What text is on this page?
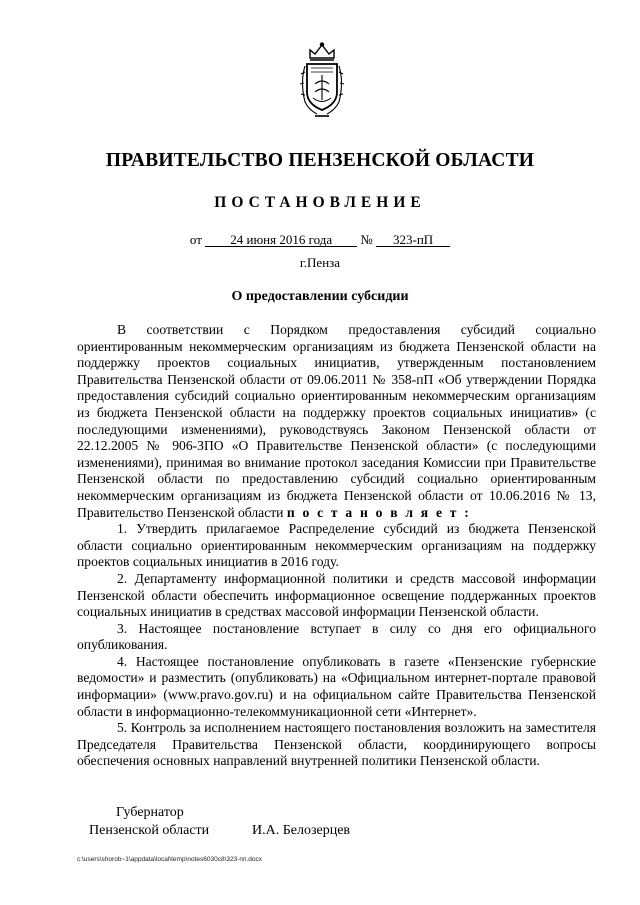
ПРАВИТЕЛЬСТВО ПЕНЗЕНСКОЙ ОБЛАСТИ
ПОСТАНОВЛЕНИЕ
от 24 июня 2016 года № 323-пП
г.Пенза
О предоставлении субсидии

В соответствии с Порядком предоставления субсидий социально ориентированным некоммерческим организациям из бюджета Пензенской области на поддержку проектов социальных инициатив, утвержденным постановлением Правительства Пензенской области от 09.06.2011 № 358-пП «Об утверждении Порядка предоставления субсидий социально ориентированным некоммерческим организациям из бюджета Пензенской области на поддержку проектов социальных инициатив» (с последующими изменениями), руководствуясь Законом Пензенской области от 22.12.2005 № 906-ЗПО «О Правительстве Пензенской области» (с последующими изменениями), принимая во внимание протокол заседания Комиссии при Правительстве Пензенской области по предоставлению субсидий социально ориентированным некоммерческим организациям из бюджета Пензенской области от 10.06.2016 № 13, Правительство Пензенской области п о с т а н о в л я е т :

1. Утвердить прилагаемое Распределение субсидий из бюджета Пензенской области социально ориентированным некоммерческим организациям на поддержку проектов социальных инициатив в 2016 году.

2. Департаменту информационной политики и средств массовой информации Пензенской области обеспечить информационное освещение поддержанных проектов социальных инициатив в средствах массовой информации Пензенской области.

3. Настоящее постановление вступает в силу со дня его официального опубликования.

4. Настоящее постановление опубликовать в газете «Пензенские губернские ведомости» и разместить (опубликовать) на «Официальном интернет-портале правовой информации» (www.pravo.gov.ru) и на официальном сайте Правительства Пензенской области в информационно-телекоммуникационной сети «Интернет».

5. Контроль за исполнением настоящего постановления возложить на заместителя Председателя Правительства Пензенской области, координирующего вопросы обеспечения основных направлений внутренней политики Пензенской области.

Губернатор
Пензенской области	И.А. Белозерцев
c:\users\shorob~1\appdata\local\temp\notes6030c8\323-пп.docx
